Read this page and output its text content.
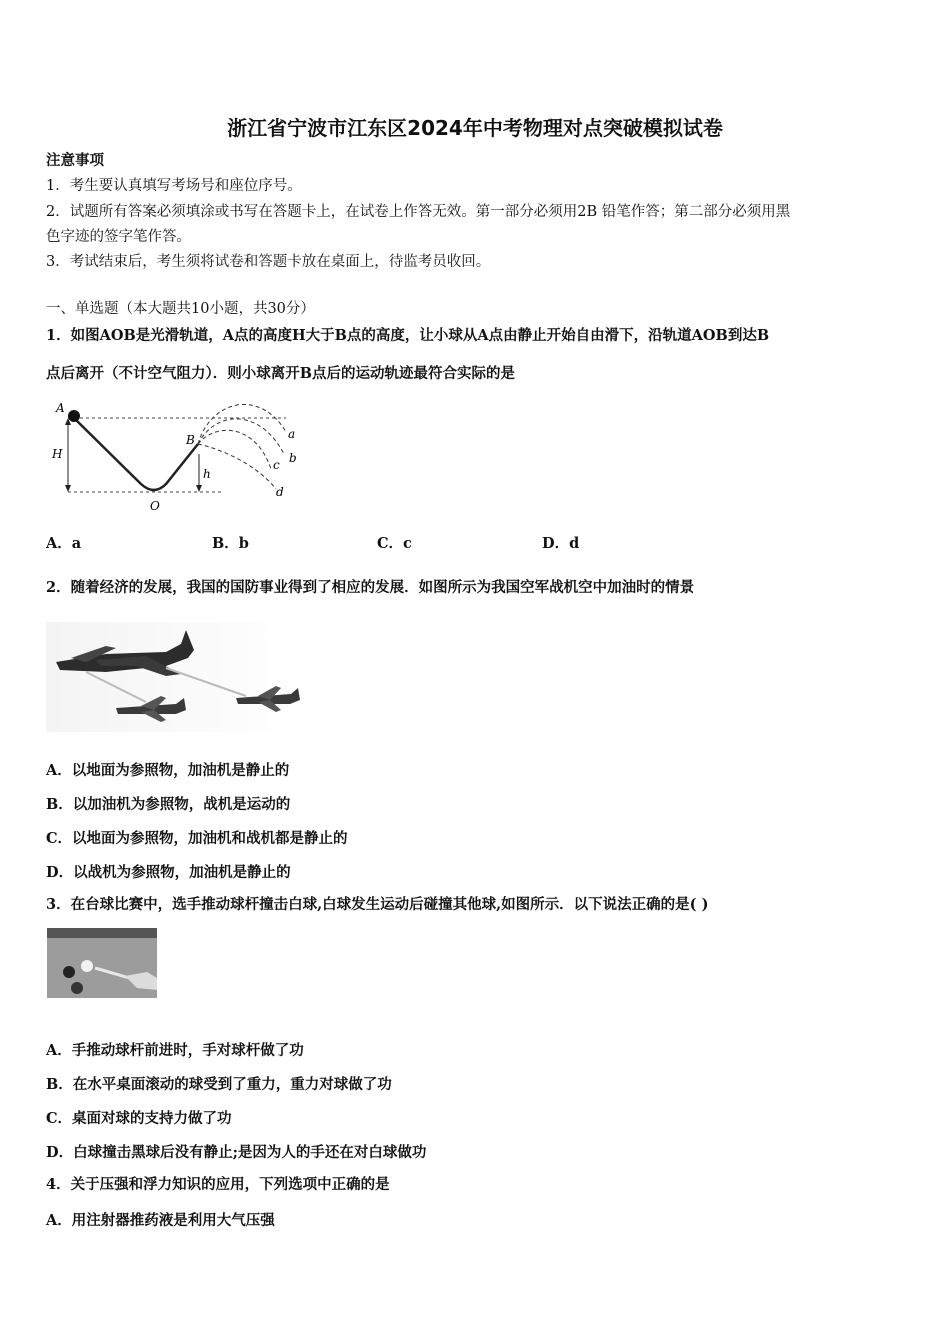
浙江省宁波市江东区2024年中考物理对点突破模拟试卷
注意事项
1．考生要认真填写考场号和座位序号。
2．试题所有答案必须填涂或书写在答题卡上，在试卷上作答无效。第一部分必须用2B 铅笔作答；第二部分必须用黑
色字迹的签字笔作答。
3．考试结束后，考生须将试卷和答题卡放在桌面上，待监考员收回。
一、单选题（本大题共10小题，共30分）
1．如图AOB是光滑轨道，A点的高度H大于B点的高度，让小球从A点由静止开始自由滑下，沿轨道AOB到达B
点后离开（不计空气阻力）．则小球离开B点后的运动轨迹最符合实际的是
A
B
H
h
O
a
b
c
d
A．a	B．b	C．c	D．d
2．随着经济的发展，我国的国防事业得到了相应的发展．如图所示为我国空军战机空中加油时的情景
A．以地面为参照物，加油机是静止的
B．以加油机为参照物，战机是运动的
C．以地面为参照物，加油机和战机都是静止的
D．以战机为参照物，加油机是静止的
3．在台球比赛中，选手推动球杆撞击白球,白球发生运动后碰撞其他球,如图所示．以下说法正确的是( )
A．手推动球杆前进时，手对球杆做了功
B．在水平桌面滚动的球受到了重力，重力对球做了功
C．桌面对球的支持力做了功
D．白球撞击黑球后没有静止;是因为人的手还在对白球做功
4．关于压强和浮力知识的应用，下列选项中正确的是
A．用注射器推药液是利用大气压强
